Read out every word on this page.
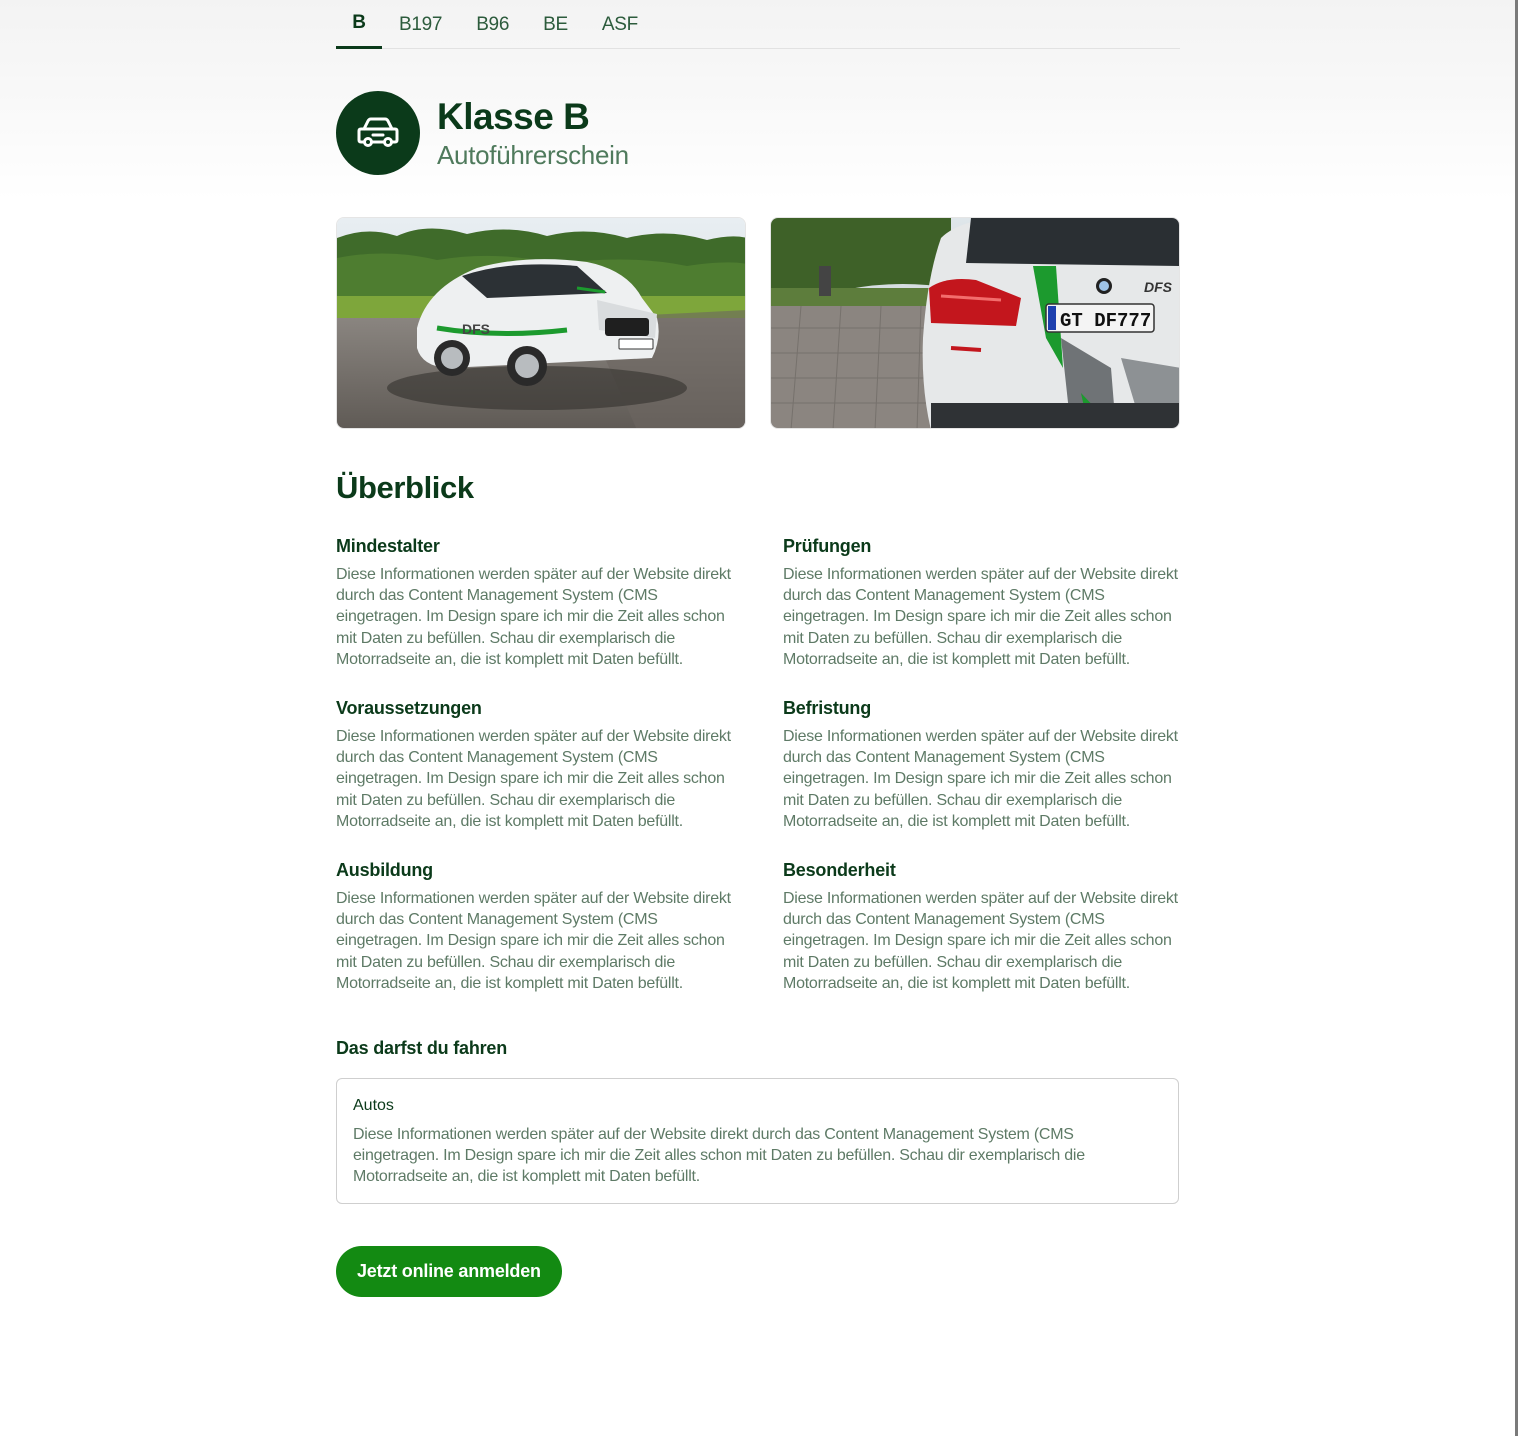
B	B197	B96	BE	ASF
Klasse B
Autoführerschein
DFS	GT DF777
DFS
Überblick
Mindestalter

Diese Informationen werden später auf der Website direkt durch das Content Management System (CMS eingetragen. Im Design spare ich mir die Zeit alles schon mit Daten zu befüllen. Schau dir exemplarisch die Motorradseite an, die ist komplett mit Daten befüllt.

Prüfungen

Diese Informationen werden später auf der Website direkt durch das Content Management System (CMS eingetragen. Im Design spare ich mir die Zeit alles schon mit Daten zu befüllen. Schau dir exemplarisch die Motorradseite an, die ist komplett mit Daten befüllt.

Voraussetzungen

Diese Informationen werden später auf der Website direkt durch das Content Management System (CMS eingetragen. Im Design spare ich mir die Zeit alles schon mit Daten zu befüllen. Schau dir exemplarisch die Motorradseite an, die ist komplett mit Daten befüllt.

Befristung

Diese Informationen werden später auf der Website direkt durch das Content Management System (CMS eingetragen. Im Design spare ich mir die Zeit alles schon mit Daten zu befüllen. Schau dir exemplarisch die Motorradseite an, die ist komplett mit Daten befüllt.

Ausbildung

Diese Informationen werden später auf der Website direkt durch das Content Management System (CMS eingetragen. Im Design spare ich mir die Zeit alles schon mit Daten zu befüllen. Schau dir exemplarisch die Motorradseite an, die ist komplett mit Daten befüllt.

Besonderheit

Diese Informationen werden später auf der Website direkt durch das Content Management System (CMS eingetragen. Im Design spare ich mir die Zeit alles schon mit Daten zu befüllen. Schau dir exemplarisch die Motorradseite an, die ist komplett mit Daten befüllt.

Das darfst du fahren
Autos
Diese Informationen werden später auf der Website direkt durch das Content Management System (CMS eingetragen. Im Design spare ich mir die Zeit alles schon mit Daten zu befüllen. Schau dir exemplarisch die Motorradseite an, die ist komplett mit Daten befüllt.
Jetzt online anmelden
